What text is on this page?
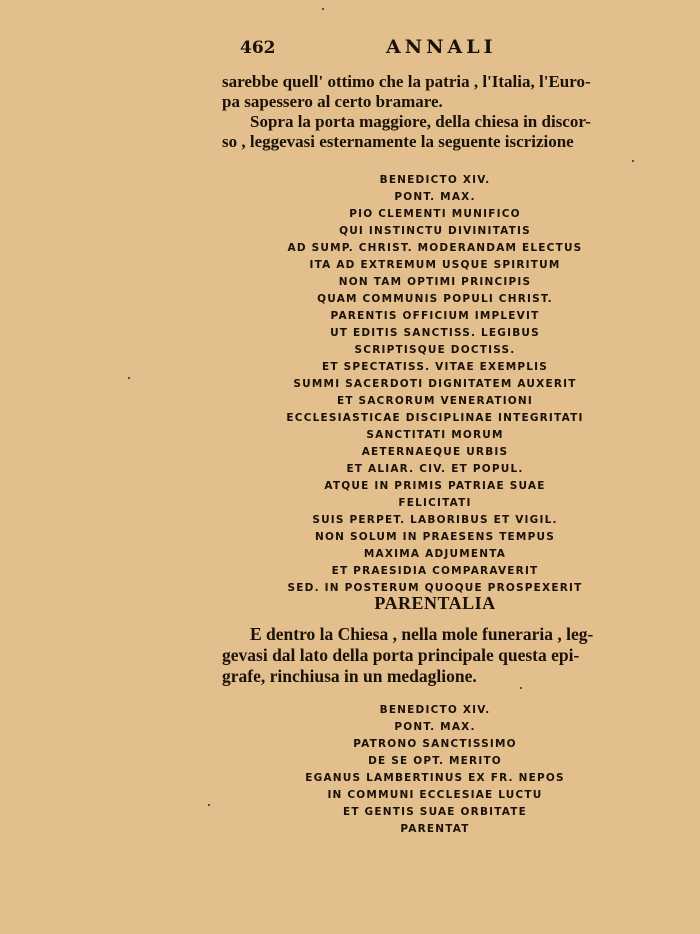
462	ANNALI

sarebbe quell' ottimo che la patria , l'Italia, l'Euro-

pa sapessero al certo bramare.

Sopra la porta maggiore, della chiesa in discor-

so , leggevasi esternamente la seguente iscrizione

BENEDICTO XIV.
PONT. MAX.
PIO CLEMENTI MUNIFICO
QUI INSTINCTU DIVINITATIS
AD SUMP. CHRIST. MODERANDAM ELECTUS
ITA AD EXTREMUM USQUE SPIRITUM
NON TAM OPTIMI PRINCIPIS
QUAM COMMUNIS POPULI CHRIST.
PARENTIS OFFICIUM IMPLEVIT
UT EDITIS SANCTISS. LEGIBUS
SCRIPTISQUE DOCTISS.
ET SPECTATISS. VITAE EXEMPLIS
SUMMI SACERDOTI DIGNITATEM AUXERIT
ET SACRORUM VENERATIONI
ECCLESIASTICAE DISCIPLINAE INTEGRITATI
SANCTITATI MORUM
AETERNAEQUE URBIS
ET ALIAR. CIV. ET POPUL.
ATQUE IN PRIMIS PATRIAE SUAE
FELICITATI
SUIS PERPET. LABORIBUS ET VIGIL.
NON SOLUM IN PRAESENS TEMPUS
MAXIMA ADJUMENTA
ET PRAESIDIA COMPARAVERIT
SED. IN POSTERUM QUOQUE PROSPEXERIT
PARENTALIA

E dentro la Chiesa , nella mole funeraria , leg-

gevasi dal lato della porta principale questa epi-

grafe, rinchiusa in un medaglione.

BENEDICTO XIV.
PONT. MAX.
PATRONO SANCTISSIMO
DE SE OPT. MERITO
EGANUS LAMBERTINUS EX FR. NEPOS
IN COMMUNI ECCLESIAE LUCTU
ET GENTIS SUAE ORBITATE
PARENTAT
